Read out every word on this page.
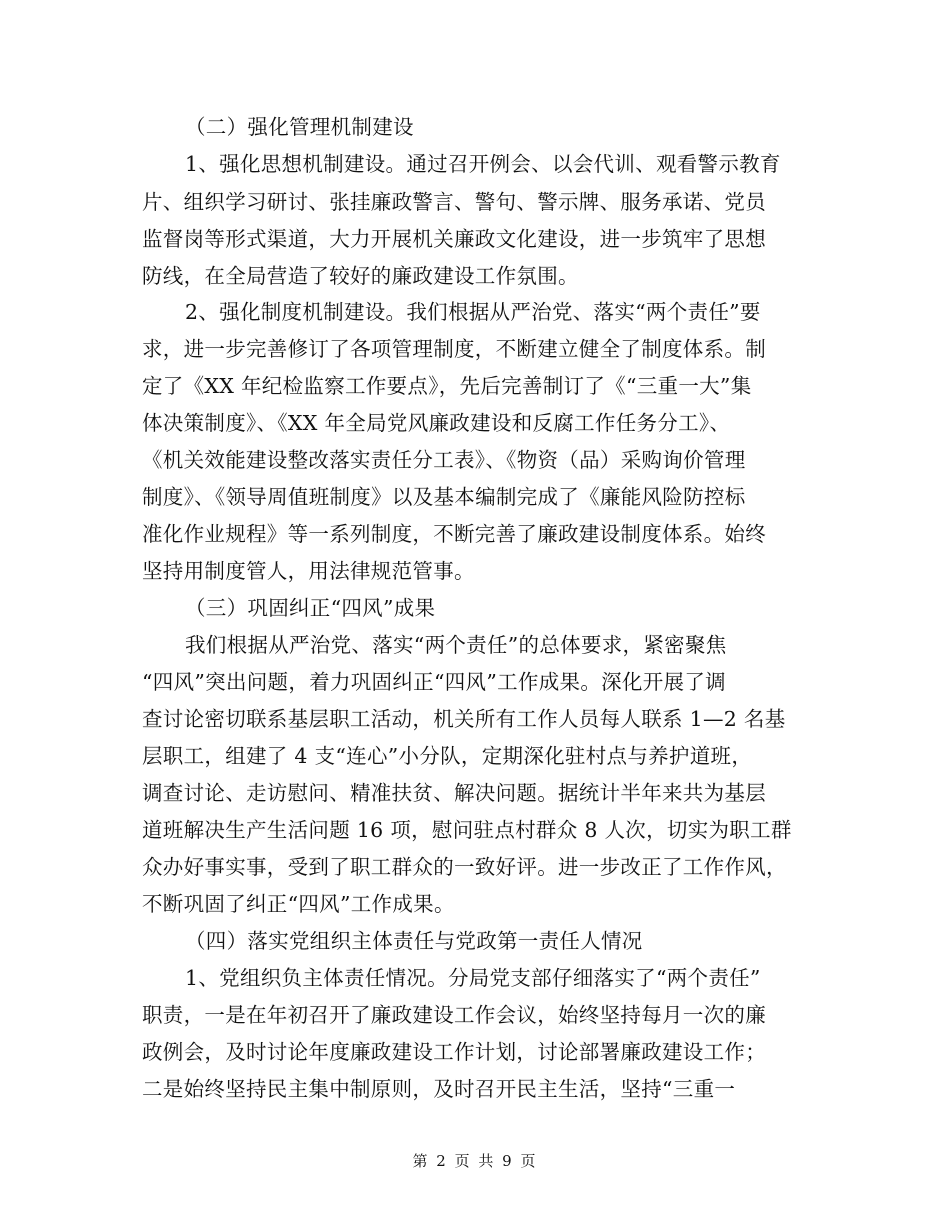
（二）强化管理机制建设
1、强化思想机制建设。通过召开例会、以会代训、观看警示教育
片、组织学习研讨、张挂廉政警言、警句、警示牌、服务承诺、党员
监督岗等形式渠道，大力开展机关廉政文化建设，进一步筑牢了思想
防线，在全局营造了较好的廉政建设工作氛围。
2、强化制度机制建设。我们根据从严治党、落实“两个责任”要
求，进一步完善修订了各项管理制度，不断建立健全了制度体系。制
定了《XX 年纪检监察工作要点》，先后完善制订了《“三重一大”集
体决策制度》、《XX 年全局党风廉政建设和反腐工作任务分工》、
《机关效能建设整改落实责任分工表》、《物资（品）采购询价管理
制度》、《领导周值班制度》以及基本编制完成了《廉能风险防控标
准化作业规程》等一系列制度，不断完善了廉政建设制度体系。始终
坚持用制度管人，用法律规范管事。
（三）巩固纠正“四风”成果
我们根据从严治党、落实“两个责任”的总体要求，紧密聚焦
“四风”突出问题，着力巩固纠正“四风”工作成果。深化开展了调
查讨论密切联系基层职工活动，机关所有工作人员每人联系 1—2 名基
层职工，组建了 4 支“连心”小分队，定期深化驻村点与养护道班，
调查讨论、走访慰问、精准扶贫、解决问题。据统计半年来共为基层
道班解决生产生活问题 16 项，慰问驻点村群众 8 人次，切实为职工群
众办好事实事，受到了职工群众的一致好评。进一步改正了工作作风，
不断巩固了纠正“四风”工作成果。
（四）落实党组织主体责任与党政第一责任人情况
1、党组织负主体责任情况。分局党支部仔细落实了“两个责任”
职责，一是在年初召开了廉政建设工作会议，始终坚持每月一次的廉
政例会，及时讨论年度廉政建设工作计划，讨论部署廉政建设工作；
二是始终坚持民主集中制原则，及时召开民主生活，坚持“三重一
第 2 页 共 9 页
